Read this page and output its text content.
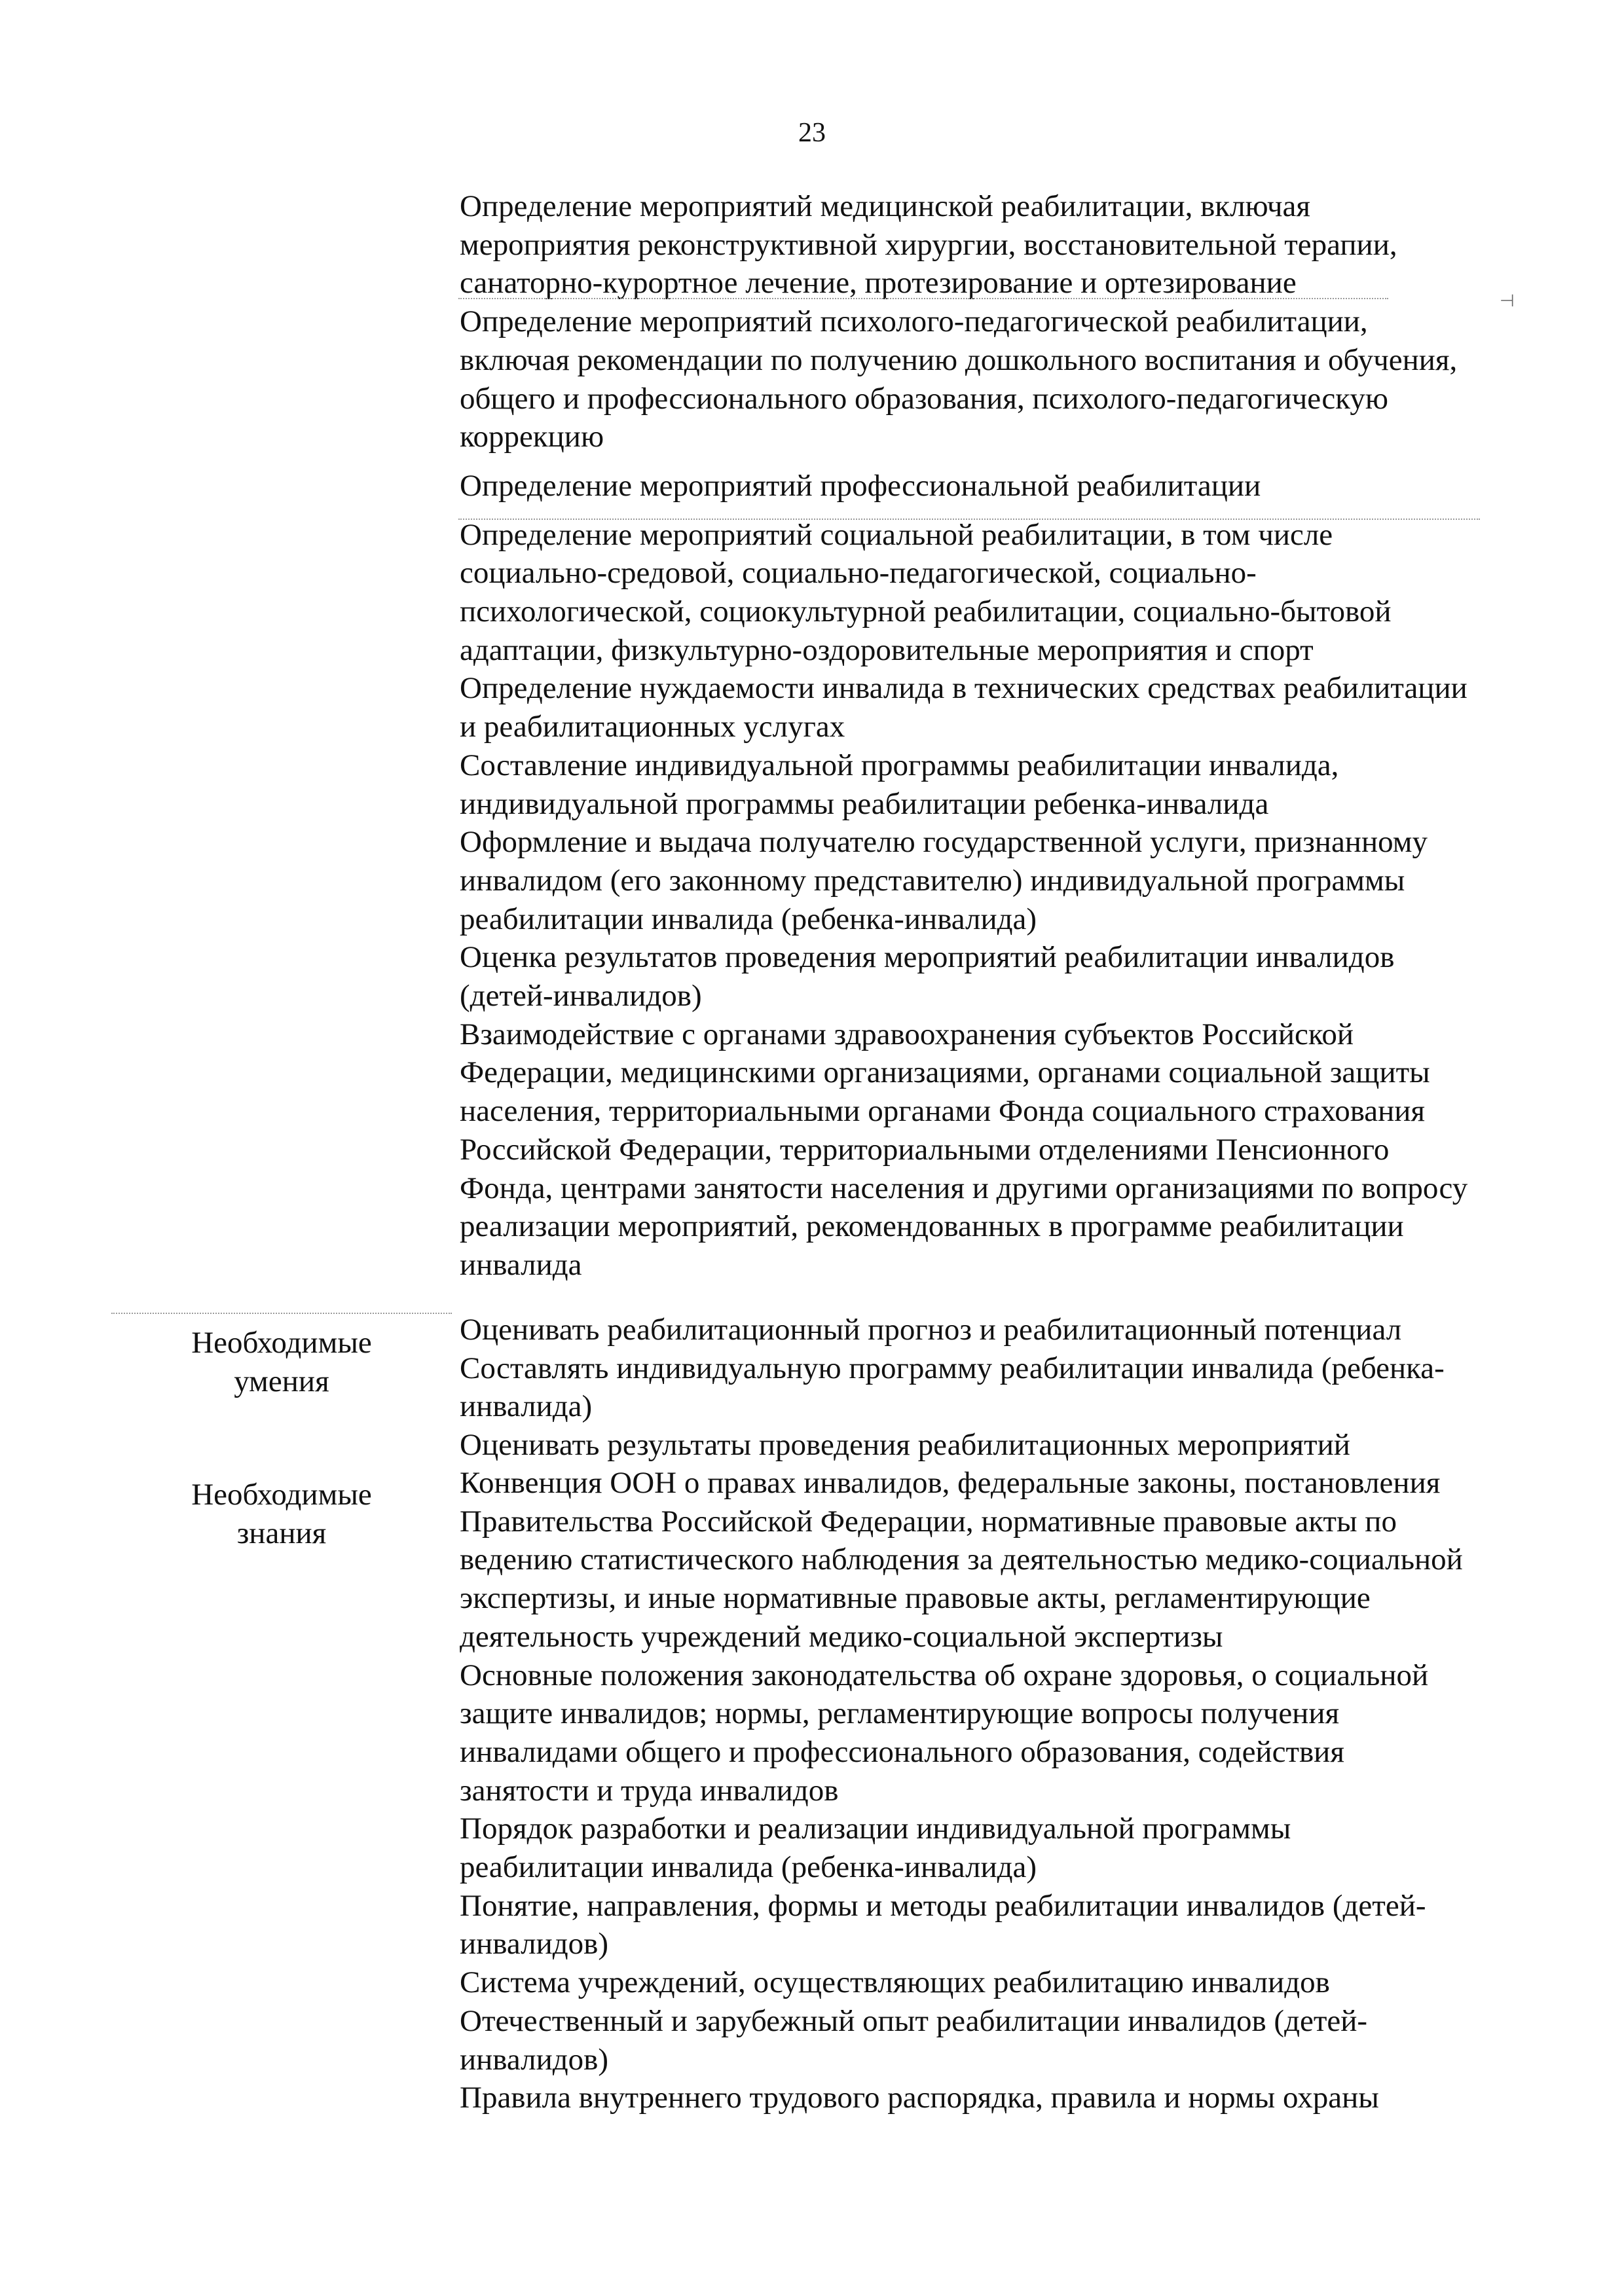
23

Определение мероприятий медицинской реабилитации, включая мероприятия реконструктивной хирургии, восстановительной терапии, санаторно-курортное лечение, протезирование и ортезирование

Определение мероприятий психолого-педагогической реабилитации, включая рекомендации по получению дошкольного воспитания и обучения, общего и профессионального образования, психолого-педагогическую коррекцию

Определение мероприятий профессиональной реабилитации

Определение мероприятий социальной реабилитации, в том числе социально-средовой, социально-педагогической, социально-психологической, социокультурной реабилитации, социально-бытовой адаптации, физкультурно-оздоровительные мероприятия и спорт

Определение нуждаемости инвалида в технических средствах реабилитации и реабилитационных услугах

Составление индивидуальной программы реабилитации инвалида, индивидуальной программы реабилитации ребенка-инвалида

Оформление и выдача получателю государственной услуги, признанному инвалидом (его законному представителю) индивидуальной программы реабилитации инвалида (ребенка-инвалида)

Оценка результатов проведения мероприятий реабилитации инвалидов (детей-инвалидов)

Взаимодействие с органами здравоохранения субъектов Российской Федерации, медицинскими организациями, органами социальной защиты населения, территориальными органами Фонда социального страхования Российской Федерации, территориальными отделениями Пенсионного Фонда, центрами занятости населения и другими организациями по вопросу реализации мероприятий, рекомендованных в программе реабилитации инвалида

⊣
Необходимые умения

Оценивать реабилитационный прогноз и реабилитационный потенциал

Составлять индивидуальную программу реабилитации инвалида (ребенка-инвалида)

Оценивать результаты проведения реабилитационных мероприятий

Необходимые знания

Конвенция ООН о правах инвалидов, федеральные законы, постановления Правительства Российской Федерации, нормативные правовые акты по ведению статистического наблюдения за деятельностью медико-социальной экспертизы, и иные нормативные правовые акты, регламентирующие деятельность учреждений медико-социальной экспертизы

Основные положения законодательства об охране здоровья, о социальной защите инвалидов; нормы, регламентирующие вопросы получения инвалидами общего и профессионального образования, содействия занятости и труда инвалидов

Порядок разработки и реализации индивидуальной программы реабилитации инвалида (ребенка-инвалида)

Понятие, направления, формы и методы реабилитации инвалидов (детей-инвалидов)

Система учреждений, осуществляющих реабилитацию инвалидов

Отечественный и зарубежный опыт реабилитации инвалидов (детей-инвалидов)

Правила внутреннего трудового распорядка, правила и нормы охраны
